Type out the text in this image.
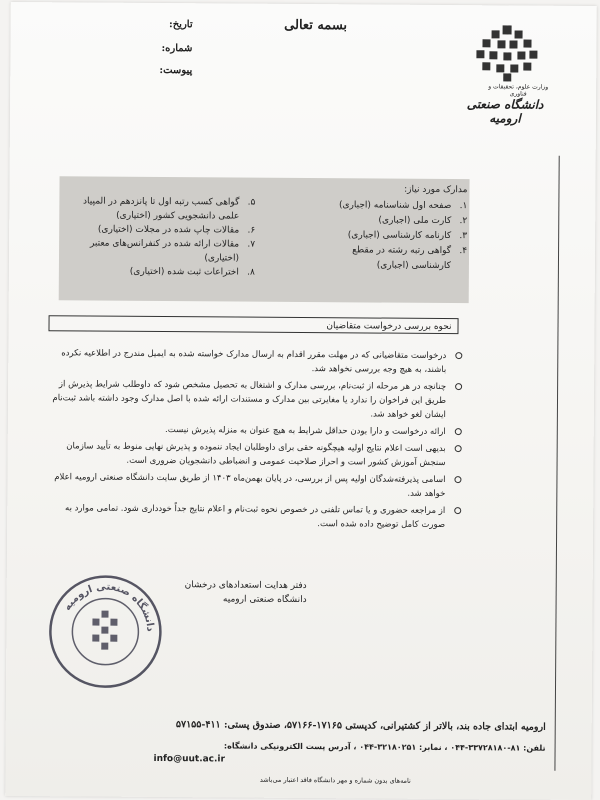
بسمه تعالی
تاریخ:
شماره:
پیوست:
وزارت علوم، تحقیقات و فناوری
دانشگاه صنعتی ارومیه
مدارک مورد نیاز:
۱.
صفحه اول شناسنامه (اجباری)
۲.
کارت ملی (اجباری)
۳.
کارنامه کارشناسی (اجباری)
۴.
گواهی رتبه رشته در مقطع کارشناسی (اجباری)
۵.
گواهی کسب رتبه اول تا پانزدهم در المپیاد علمی دانشجویی کشور (اختیاری)
۶.
مقالات چاپ شده در مجلات (اختیاری)
۷.
مقالات ارائه شده در کنفرانس‌های معتبر (اختیاری)
۸.
اختراعات ثبت شده (اختیاری)
نحوه بررسی درخواست متقاضیان
درخواست متقاضیانی که در مهلت مقرر اقدام به ارسال مدارک خواسته شده به ایمیل مندرج در اطلاعیه نکرده باشند، به هیچ وجه بررسی نخواهد شد.
چنانچه در هر مرحله از ثبت‌نام، بررسی مدارک و اشتغال به تحصیل مشخص شود که داوطلب شرایط پذیرش از طریق این فراخوان را ندارد یا مغایرتی بین مدارک و مستندات ارائه شده با اصل مدارک وجود داشته باشد ثبت‌نام ایشان لغو خواهد شد.
ارائه درخواست و دارا بودن حداقل شرایط به هیچ عنوان به منزله پذیرش نیست.
بدیهی است اعلام نتایج اولیه هیچگونه حقی برای داوطلبان ایجاد ننموده و پذیرش نهایی منوط به تأیید سازمان سنجش آموزش کشور است و احراز صلاحیت عمومی و انضباطی دانشجویان ضروری است.
اسامی پذیرفته‌شدگان اولیه پس از بررسی، در پایان بهمن‌ماه ۱۴۰۳ از طریق سایت دانشگاه صنعتی ارومیه اعلام خواهد شد.
از مراجعه حضوری و یا تماس تلفنی در خصوص نحوه ثبت‌نام و اعلام نتایج جداً خودداری شود. تمامی موارد به صورت کامل توضیح داده شده است.
دفتر هدایت استعدادهای درخشان
دانشگاه صنعتی ارومیه
دانشگاه صنعتی ارومیه
ارومیه ابتدای جاده بند، بالاتر از کشتیرانی، کدپستی ۱۷۱۶۵-۵۷۱۶۶، صندوق پستی: ۴۱۱-۵۷۱۵۵
تلفن: ۸۱-۳۳۷۲۸۱۸۰-۰۴۴ ، نمابر: ۳۲۱۸۰۲۵۱-۰۴۴ ، آدرس پست الکترونیکی دانشگاه:
info@uut.ac.ir
نامه‌های بدون شماره و مهر دانشگاه فاقد اعتبار می‌باشد
